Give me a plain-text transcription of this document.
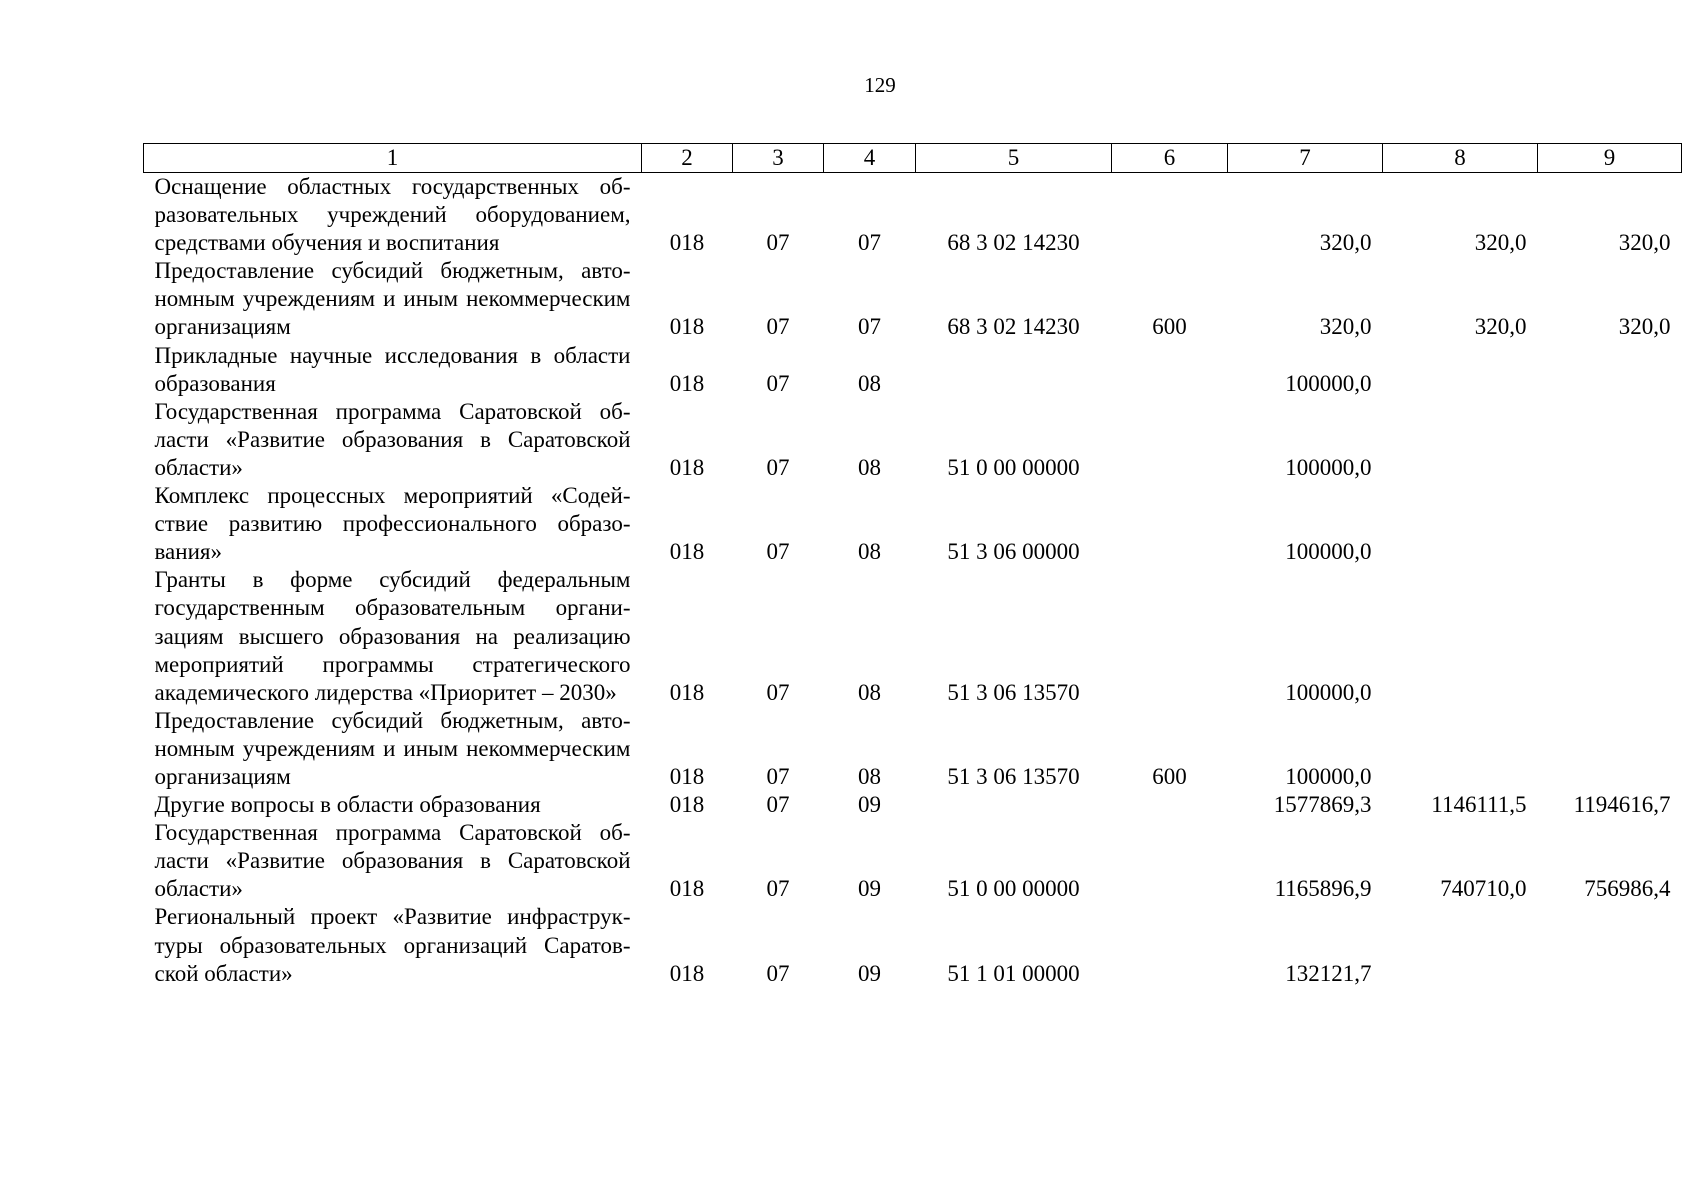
129
1	2	3	4	5	6	7	8	9
Оснащение областных государственных образовательных учреждений оборудованием, средствами обучения и воспитания	018	07	07	68 3 02 14230		320,0	320,0	320,0
Предоставление субсидий бюджетным, автономным учреждениям и иным некоммерческим организациям	018	07	07	68 3 02 14230	600	320,0	320,0	320,0
Прикладные научные исследования в области образования	018	07	08			100000,0		
Государственная программа Саратовской области «Развитие образования в Саратовской области»	018	07	08	51 0 00 00000		100000,0		
Комплекс процессных мероприятий «Содействие развитию профессионального образования»	018	07	08	51 3 06 00000		100000,0		
Гранты в форме субсидий федеральным государственным образовательным организациям высшего образования на реализацию мероприятий программы стратегического академического лидерства «Приоритет – 2030»	018	07	08	51 3 06 13570		100000,0		
Предоставление субсидий бюджетным, автономным учреждениям и иным некоммерческим организациям	018	07	08	51 3 06 13570	600	100000,0		
Другие вопросы в области образования	018	07	09			1577869,3	1146111,5	1194616,7
Государственная программа Саратовской области «Развитие образования в Саратовской области»	018	07	09	51 0 00 00000		1165896,9	740710,0	756986,4
Региональный проект «Развитие инфраструктуры образовательных организаций Саратовской области»	018	07	09	51 1 01 00000		132121,7		
